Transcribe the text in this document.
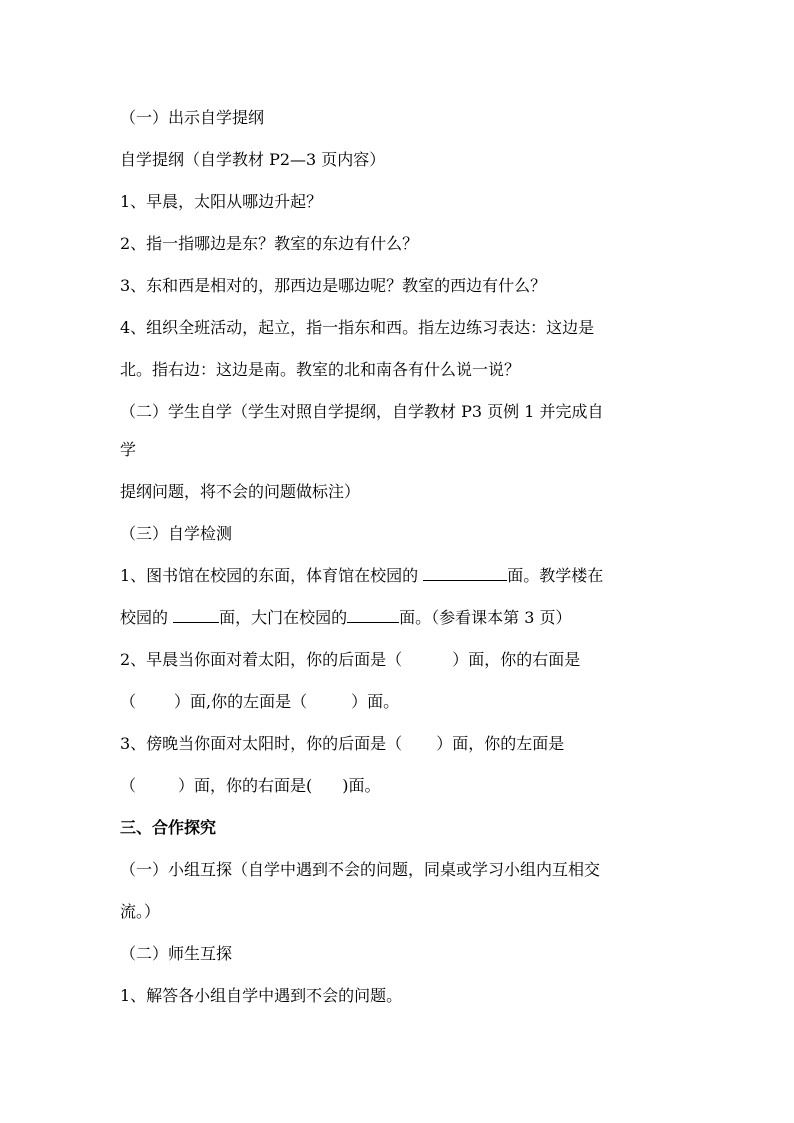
（一）出示自学提纲
自学提纲（自学教材 P2—3 页内容）
1、早晨，太阳从哪边升起？
2、指一指哪边是东？教室的东边有什么？
3、东和西是相对的，那西边是哪边呢？教室的西边有什么？
4、组织全班活动，起立，指一指东和西。指左边练习表达：这边是
北。指右边：这边是南。教室的北和南各有什么说一说？
（二）学生自学（学生对照自学提纲，自学教材 P3 页例 1 并完成自
学
提纲问题，将不会的问题做标注）
（三）自学检测
1、图书馆在校园的东面，体育馆在校园的	面。教学楼在
校园的	面，大门在校园的	面。（参看课本第 3 页）
2、早晨当你面对着太阳，你的后面是（	）面，你的右面是
（ ）面,你的左面是（	）面。
3、傍晚当你面对太阳时，你的后面是（ ）面，你的左面是
（	）面，你的右面是( )面。
三、合作探究
（一）小组互探（自学中遇到不会的问题，同桌或学习小组内互相交
流。）
（二）师生互探
1、解答各小组自学中遇到不会的问题。
